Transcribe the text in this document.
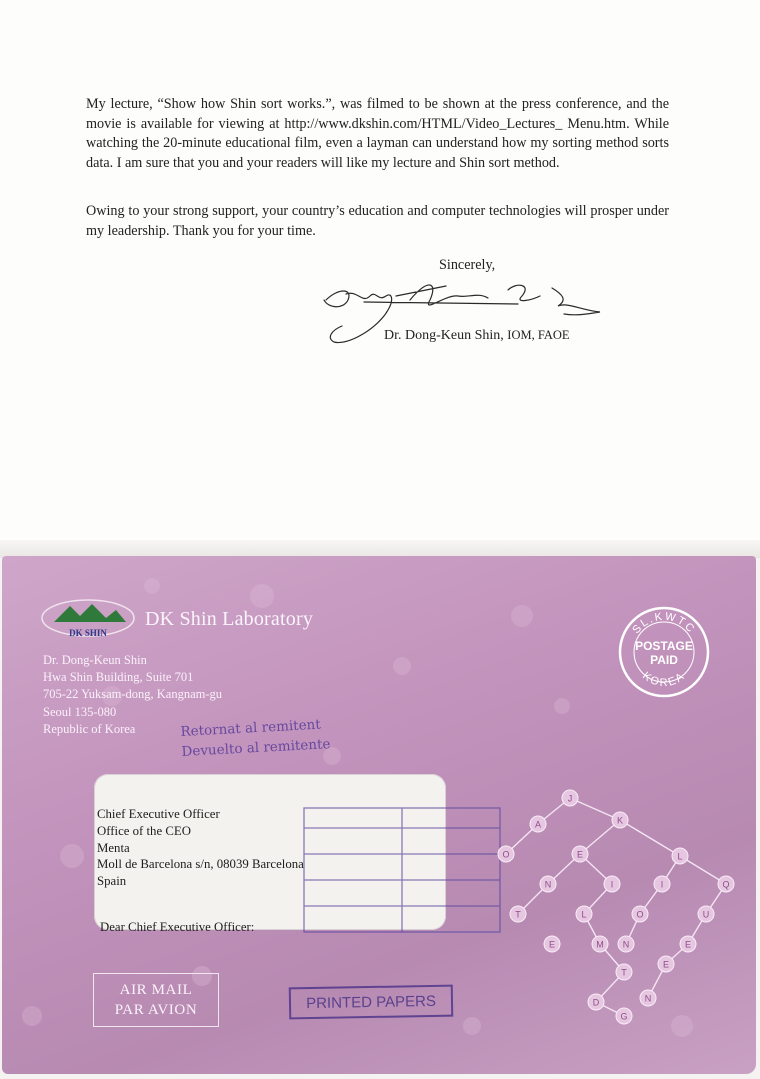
My lecture, “Show how Shin sort works.”, was filmed to be shown at the press conference, and the movie is available for viewing at http://www.dkshin.com/HTML/Video_Lectures_ Menu.htm. While watching the 20-minute educational film, even a layman can understand how my sorting method sorts data. I am sure that you and your readers will like my lecture and Shin sort method.

Owing to your strong support, your country’s education and computer technologies will prosper under my leadership. Thank you for your time.

Sincerely,
Dr. Dong-Keun Shin, IOM, FAOE
DK SHIN
DK Shin Laboratory
Dr. Dong-Keun Shin
Hwa Shin Building, Suite 701
705-22 Yuksam-dong, Kangnam-gu
Seoul 135-080
Republic of Korea
SL.KWTC
POSTAGE
PAID
KOREA
Retornat al remitent
Devuelto al remitente
Chief Executive Officer
Office of the CEO
Menta
Moll de Barcelona s/n, 08039 Barcelona
Spain
Dear Chief Executive Officer:
J
A	K
O	E	L
N	I	I	Q
T	L	O	U
E	M N	E
T
E
D	N
G
AIR MAIL
PAR AVION	PRINTED PAPERS
